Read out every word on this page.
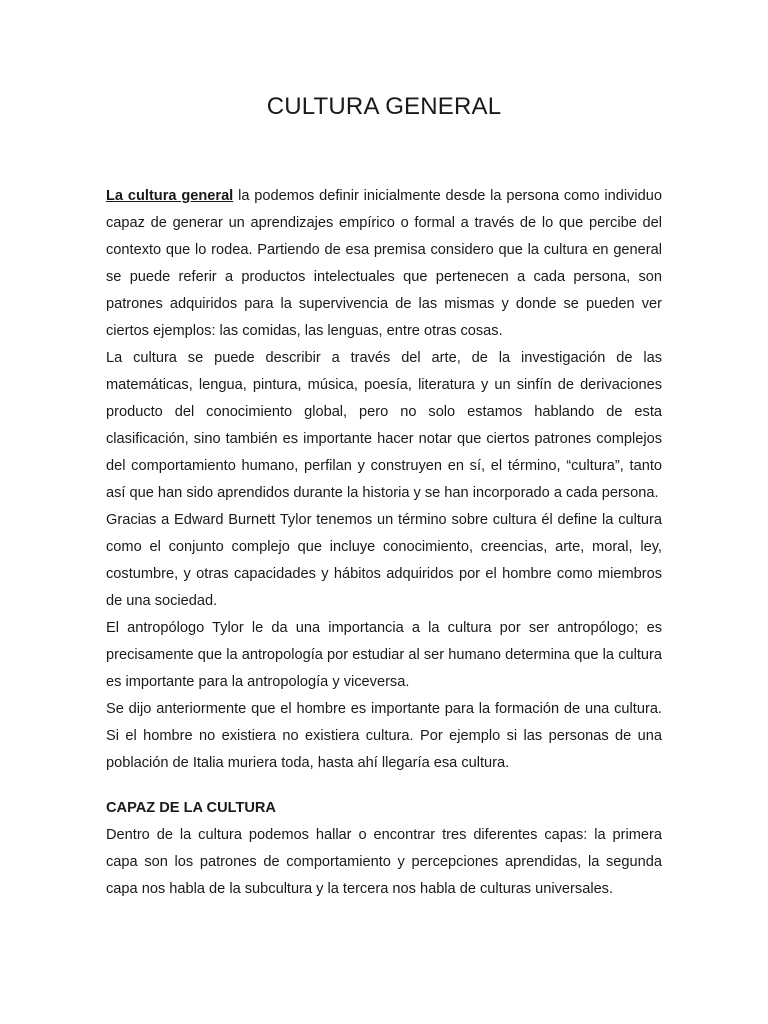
CULTURA GENERAL

La cultura general la podemos definir inicialmente desde la persona como individuo capaz de generar un aprendizajes empírico o formal a través de lo que percibe del contexto que lo rodea. Partiendo de esa premisa considero que la cultura en general se puede referir a productos intelectuales que pertenecen a cada persona, son patrones adquiridos para la supervivencia de las mismas y donde se pueden ver ciertos ejemplos: las comidas, las lenguas, entre otras cosas.

La cultura se puede describir a través del arte, de la investigación de las matemáticas, lengua, pintura, música, poesía, literatura y un sinfín de derivaciones producto del conocimiento global, pero no solo estamos hablando de esta clasificación, sino también es importante hacer notar que ciertos patrones complejos del comportamiento humano, perfilan y construyen en sí, el término, “cultura”, tanto así que han sido aprendidos durante la historia y se han incorporado a cada persona.

Gracias a Edward Burnett Tylor tenemos un término sobre cultura él define la cultura como el conjunto complejo que incluye conocimiento, creencias, arte, moral, ley, costumbre, y otras capacidades y hábitos adquiridos por el hombre como miembros de una sociedad.

El antropólogo Tylor le da una importancia a la cultura por ser antropólogo; es precisamente que la antropología por estudiar al ser humano determina que la cultura es importante para la antropología y viceversa.

Se dijo anteriormente que el hombre es importante para la formación de una cultura. Si el hombre no existiera no existiera cultura. Por ejemplo si las personas de una población de Italia muriera toda, hasta ahí llegaría esa cultura.

CAPAZ DE LA CULTURA

Dentro de la cultura podemos hallar o encontrar tres diferentes capas: la primera capa son los patrones de comportamiento y percepciones aprendidas, la segunda capa nos habla de la subcultura y la tercera nos habla de culturas universales.
